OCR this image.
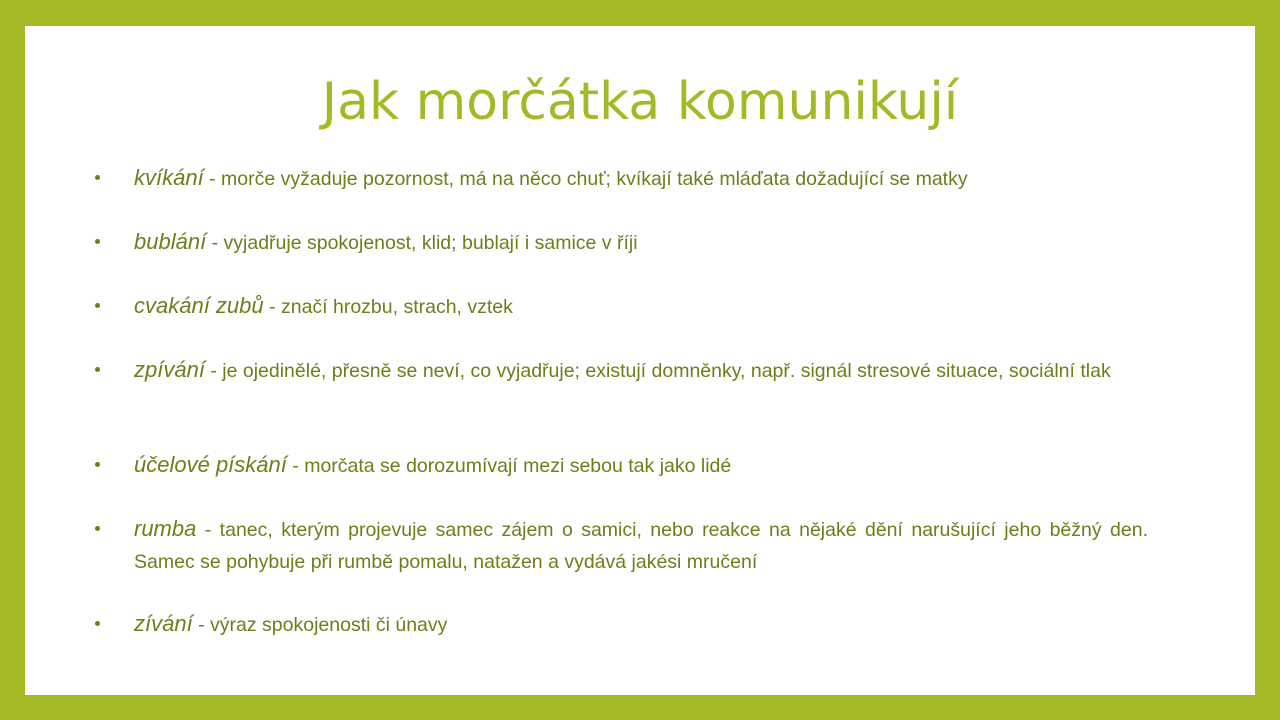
Jak morčátka komunikují
kvíkání - morče vyžaduje pozornost, má na něco chuť; kvíkají také mláďata dožadující se matky
bublání - vyjadřuje spokojenost, klid; bublají i samice v říji
cvakání zubů - značí hrozbu, strach, vztek
zpívání - je ojedinělé, přesně se neví, co vyjadřuje; existují domněnky, např. signál stresové situace, sociální tlak
účelové pískání - morčata se dorozumívají mezi sebou tak jako lidé
rumba - tanec, kterým projevuje samec zájem o samici, nebo reakce na nějaké dění narušující jeho běžný den. Samec se pohybuje při rumbě pomalu, natažen a vydává jakési mručení
zívání - výraz spokojenosti či únavy
